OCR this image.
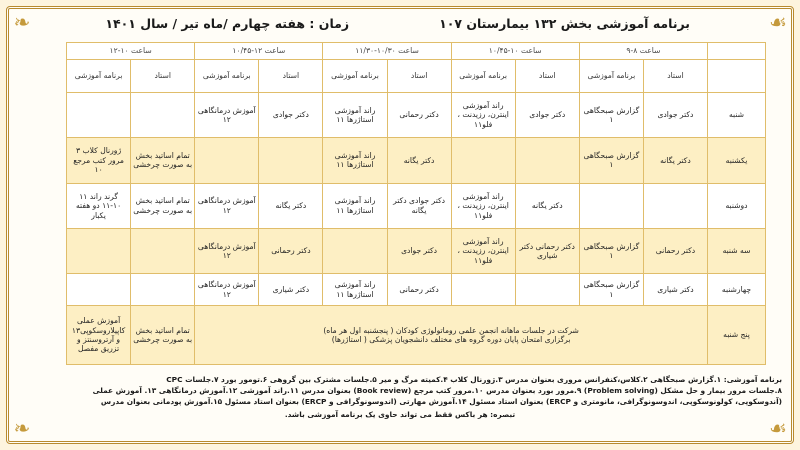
❧	☙
❧	☙
برنامه آموزشی بخش ۱۳۲ بیمارستان ۱۰۷
زمان : هفته چهارم /ماه تیر / سال ۱۴۰۱
	ساعت ۸-۹		ساعت ۱۰-۱۰/۴۵		ساعت ۱۰/۳۰-۱۱/۳۰		ساعت ۱۲-۱۰/۴۵		ساعت ۱۰-۱۲	
	استاد	برنامه آموزشی	استاد	برنامه آموزشی	استاد	برنامه آموزشی	استاد	برنامه آموزشی	استاد	برنامه آموزشی
شنبه	دکتر جوادی	گزارش صبحگاهی ۱	دکتر جوادی	راند آموزشی اینترن، رزیدنت ، فلو۱۱	دکتر رحمانی	راند آموزشی استاژرها ۱۱	دکتر جوادی	آموزش درمانگاهی ۱۲		
یکشنبه	دکتر یگانه	گزارش صبحگاهی ۱			دکتر یگانه	راند آموزشی استاژرها ۱۱			تمام اساتید بخش به صورت چرخشی	ژورنال کلاب ۳ مرور کتب مرجع ۱۰
دوشنبه			دکتر یگانه	راند آموزشی اینترن، رزیدنت ، فلو۱۱	دکتر جوادی دکتر یگانه	راند آموزشی استاژرها ۱۱	دکتر یگانه	آموزش درمانگاهی ۱۲	تمام اساتید بخش به صورت چرخشی	گرند راند ۱۱ ۱۰-۱۱ دو هفته یکبار
سه شنبه	دکتر رحمانی	گزارش صبحگاهی ۱	دکتر رحمانی دکتر شیاری	راند آموزشی اینترن، رزیدنت ، فلو۱۱	دکتر جوادی		دکتر رحمانی	آموزش درمانگاهی ۱۲		
چهارشنبه	دکتر شیاری	گزارش صبحگاهی ۱			دکتر رحمانی	راند آموزشی استاژرها ۱۱	دکتر شیاری	آموزش درمانگاهی ۱۲		
پنج شنبه	شرکت در جلسات ماهانه انجمن علمی روماتولوژی کودکان ( پنجشنبه اول هر ماه)
برگزاری امتحان پایان دوره گروه های مختلف دانشجویان پزشکی ( استاژرها)								تمام اساتید بخش به صورت چرخشی	آموزش عملی کاپیلاروسکوپی۱۳ و آرتروسنتز و تزریق مفصل
برنامه آموزشی: ۱.گزارش صبحگاهی ۲.کلاس،کنفرانس مروری بعنوان مدرس ۳.ژورنال کلاب ۴.کمیته مرگ و میر ۵.جلسات مشترک بین گروهی ۶.تومور بورد ۷.جلسات CPC
۸.جلسات مرور بیمار و حل مشکل (Problem solving) ۹.مرور بورد بعنوان مدرس ۱۰.مرور کتب مرجع (Book review) بعنوان مدرس ۱۱.راند آموزشی ۱۲.آموزش درمانگاهی ۱۳. آموزش عملی
(آندوسکوپی، کولونوسکوپی، اندوسونوگرافی، مانومتری و ERCP) بعنوان استاد مسئول ۱۴.آموزش مهارتی (اندوسونوگرافی و ERCP) بعنوان استاد مسئول ۱۵.آموزش پودمانی بعنوان مدرس
تبصره: هر باکس فقط می تواند حاوی یک برنامه آموزشی باشد.
